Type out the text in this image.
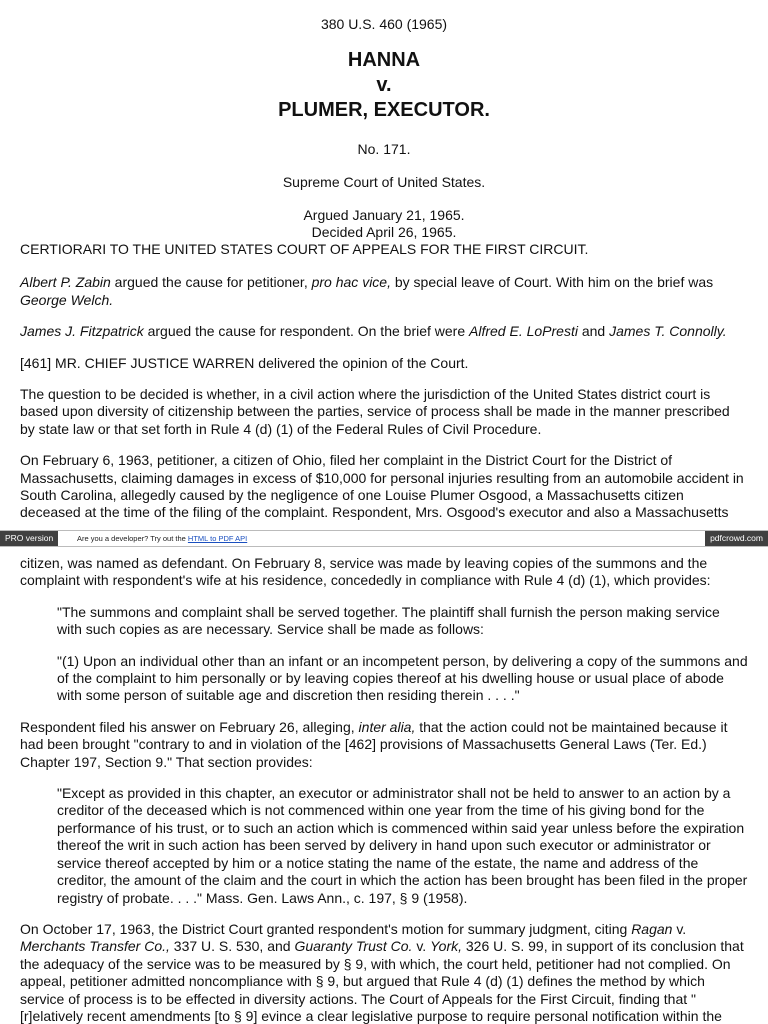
380 U.S. 460 (1965)
HANNA
v.
PLUMER, EXECUTOR.
No. 171.
Supreme Court of United States.
Argued January 21, 1965.
Decided April 26, 1965.

CERTIORARI TO THE UNITED STATES COURT OF APPEALS FOR THE FIRST CIRCUIT.

Albert P. Zabin argued the cause for petitioner, pro hac vice, by special leave of Court. With him on the brief was George Welch.

James J. Fitzpatrick argued the cause for respondent. On the brief were Alfred E. LoPresti and James T. Connolly.

[461] MR. CHIEF JUSTICE WARREN delivered the opinion of the Court.

The question to be decided is whether, in a civil action where the jurisdiction of the United States district court is based upon diversity of citizenship between the parties, service of process shall be made in the manner prescribed by state law or that set forth in Rule 4 (d) (1) of the Federal Rules of Civil Procedure.

On February 6, 1963, petitioner, a citizen of Ohio, filed her complaint in the District Court for the District of Massachusetts, claiming damages in excess of $10,000 for personal injuries resulting from an automobile accident in South Carolina, allegedly caused by the negligence of one Louise Plumer Osgood, a Massachusetts citizen deceased at the time of the filing of the complaint. Respondent, Mrs. Osgood's executor and also a Massachusetts

PRO version	Are you a developer? Try out the HTML to PDF API	pdfcrowd.com

citizen, was named as defendant. On February 8, service was made by leaving copies of the summons and the complaint with respondent's wife at his residence, concededly in compliance with Rule 4 (d) (1), which provides:

"The summons and complaint shall be served together. The plaintiff shall furnish the person making service with such copies as are necessary. Service shall be made as follows:
"(1) Upon an individual other than an infant or an incompetent person, by delivering a copy of the summons and of the complaint to him personally or by leaving copies thereof at his dwelling house or usual place of abode with some person of suitable age and discretion then residing therein . . . ."

Respondent filed his answer on February 26, alleging, inter alia, that the action could not be maintained because it had been brought "contrary to and in violation of the [462] provisions of Massachusetts General Laws (Ter. Ed.) Chapter 197, Section 9." That section provides:

"Except as provided in this chapter, an executor or administrator shall not be held to answer to an action by a creditor of the deceased which is not commenced within one year from the time of his giving bond for the performance of his trust, or to such an action which is commenced within said year unless before the expiration thereof the writ in such action has been served by delivery in hand upon such executor or administrator or service thereof accepted by him or a notice stating the name of the estate, the name and address of the creditor, the amount of the claim and the court in which the action has been brought has been filed in the proper registry of probate. . . ." Mass. Gen. Laws Ann., c. 197, § 9 (1958).

On October 17, 1963, the District Court granted respondent's motion for summary judgment, citing Ragan v. Merchants Transfer Co., 337 U. S. 530, and Guaranty Trust Co. v. York, 326 U. S. 99, in support of its conclusion that the adequacy of the service was to be measured by § 9, with which, the court held, petitioner had not complied. On appeal, petitioner admitted noncompliance with § 9, but argued that Rule 4 (d) (1) defines the method by which service of process is to be effected in diversity actions. The Court of Appeals for the First Circuit, finding that "[r]elatively recent amendments [to § 9] evince a clear legislative purpose to require personal notification within the
